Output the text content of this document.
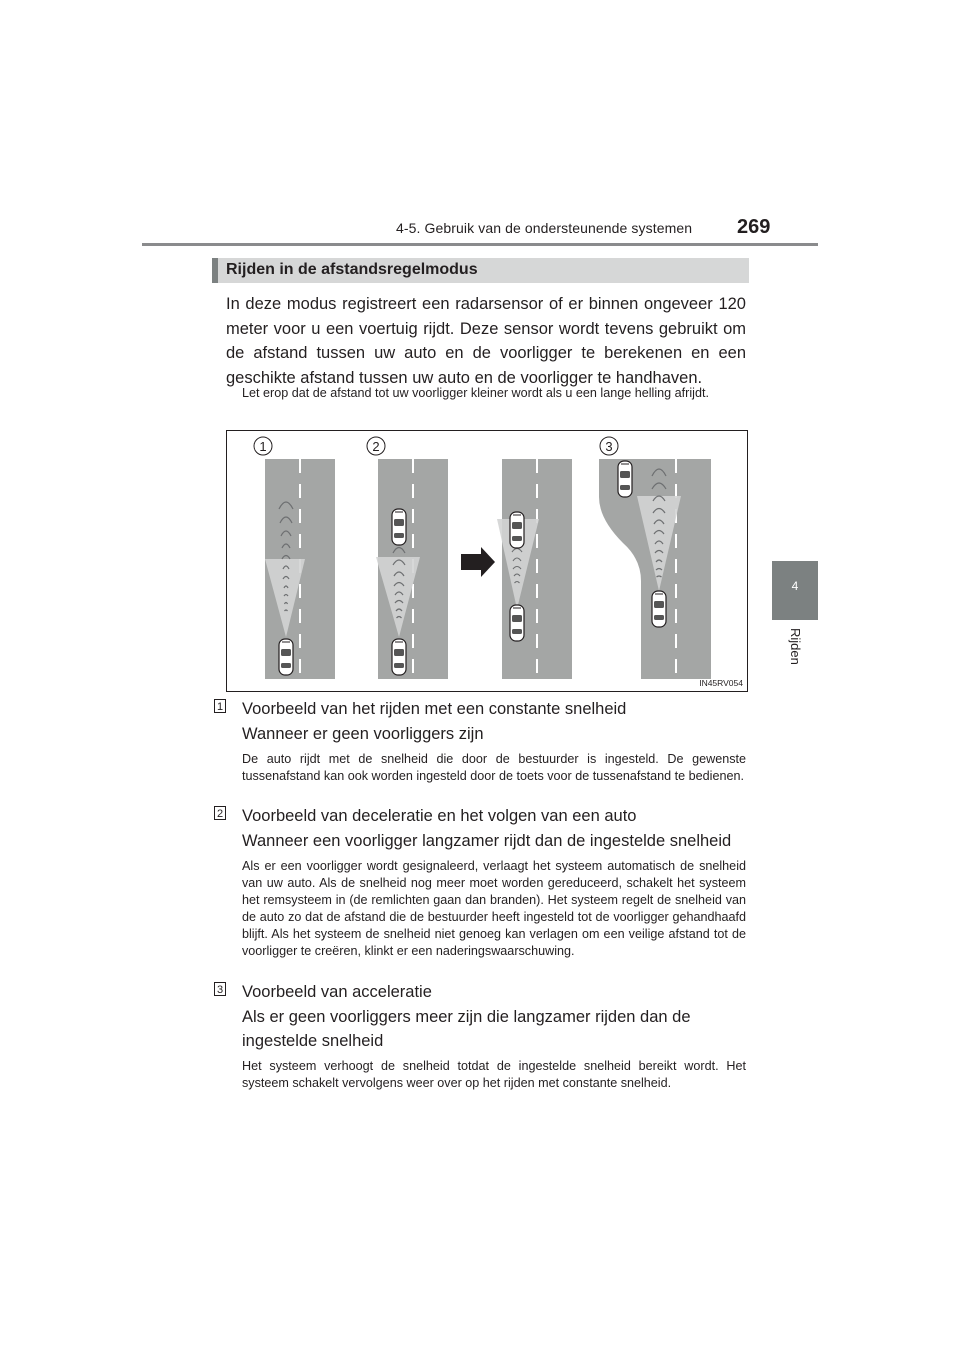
4-5. Gebruik van de ondersteunende systemen 269
4
Rijden
Rijden in de afstandsregelmodus
In deze modus registreert een radarsensor of er binnen ongeveer 120 meter voor u een voertuig rijdt. Deze sensor wordt tevens gebruikt om de afstand tussen uw auto en de voorligger te berekenen en een geschikte afstand tussen uw auto en de voorligger te handhaven.
Let erop dat de afstand tot uw voorligger kleiner wordt als u een lange helling afrijdt.
1	2	3
IN45RV054
1 Voorbeeld van het rijden met een constante snelheid
Wanneer er geen voorliggers zijn
De auto rijdt met de snelheid die door de bestuurder is ingesteld. De gewenste tussenafstand kan ook worden ingesteld door de toets voor de tussenafstand te bedienen.
2 Voorbeeld van deceleratie en het volgen van een auto
Wanneer een voorligger langzamer rijdt dan de ingestelde snelheid
Als er een voorligger wordt gesignaleerd, verlaagt het systeem automatisch de snelheid van uw auto. Als de snelheid nog meer moet worden gereduceerd, schakelt het systeem het remsysteem in (de remlichten gaan dan branden). Het systeem regelt de snelheid van de auto zo dat de afstand die de bestuurder heeft ingesteld tot de voorligger gehandhaafd blijft. Als het systeem de snelheid niet genoeg kan verlagen om een veilige afstand tot de voorligger te creëren, klinkt er een naderingswaarschuwing.
3 Voorbeeld van acceleratie
Als er geen voorliggers meer zijn die langzamer rijden dan de ingestelde snelheid
Het systeem verhoogt de snelheid totdat de ingestelde snelheid bereikt wordt. Het systeem schakelt vervolgens weer over op het rijden met constante snelheid.
